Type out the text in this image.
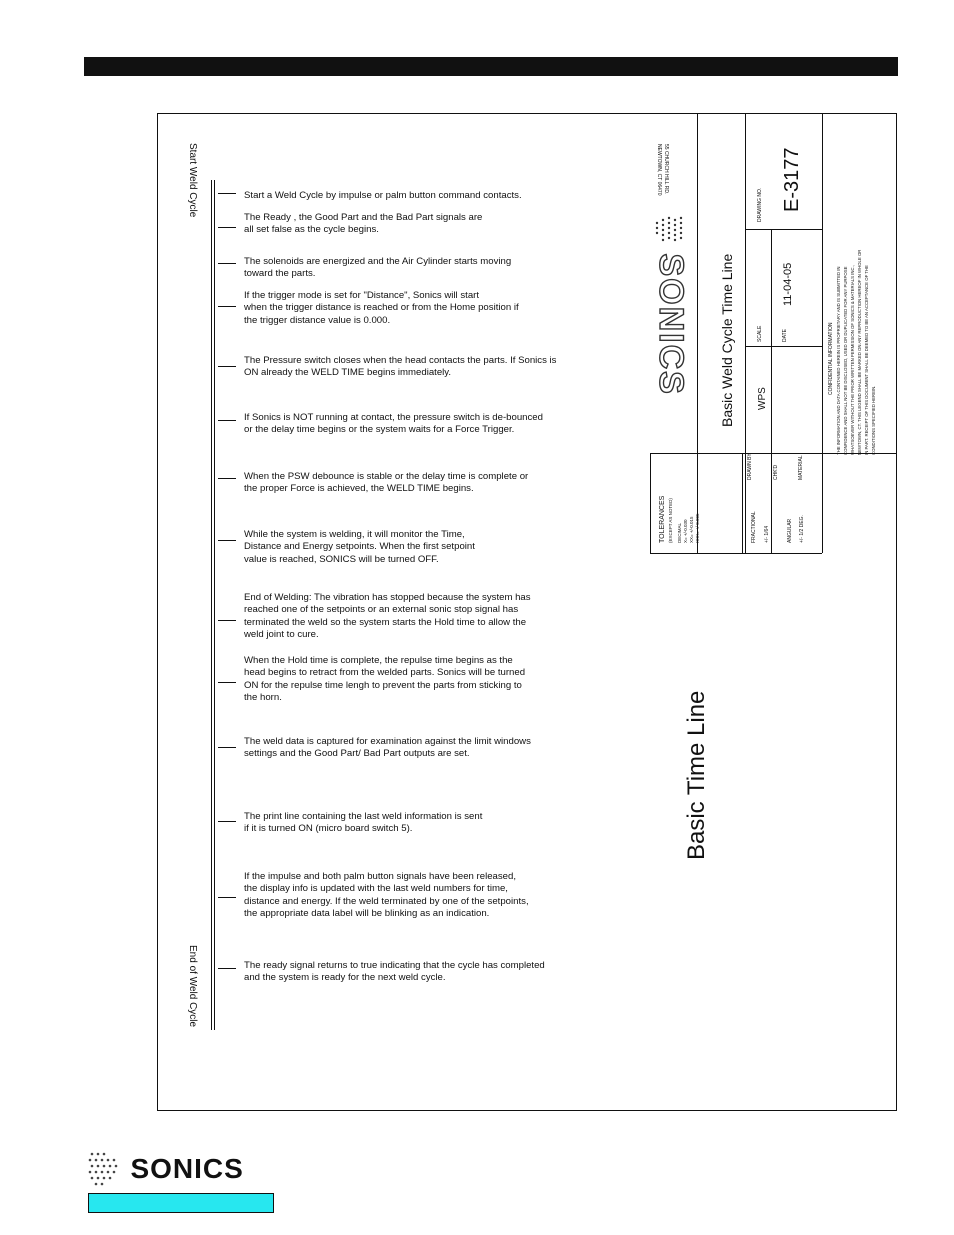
Start Weld Cycle
End of Weld Cycle
Start a Weld Cycle by impulse or palm button command contacts.
The Ready , the Good Part and the Bad Part signals are
all set false as the cycle begins.
The solenoids are energized and the Air Cylinder starts moving
toward the parts.
If the trigger mode is set for "Distance", Sonics will start
when the trigger distance is reached or from the Home position if
the trigger distance value is 0.000.
The Pressure switch closes when the head contacts the parts. If Sonics is
ON already the WELD TIME begins immediately.
If Sonics is NOT running at contact, the pressure switch is de-bounced
or the delay time begins or the system waits for a Force Trigger.
When the PSW debounce is stable or the delay time is complete or
the proper Force is achieved, the WELD TIME begins.
While the system is welding, it will monitor the Time,
Distance and Energy setpoints. When the first setpoint
value is reached, SONICS will be turned OFF.
End of Welding: The vibration has stopped because the system has
reached one of the setpoints or an external sonic stop signal has
terminated the weld so the system starts the Hold time to allow the
weld joint to cure.
When the Hold time is complete, the repulse time begins as the
head begins to retract from the welded parts. Sonics will be turned
ON for the repulse time lengh to prevent the parts from sticking to
the horn.
The weld data is captured for examination against the limit windows
settings and the Good Part/ Bad Part outputs are set.
The print line containing the last weld information is sent
if it is turned ON (micro board switch 5).
If the impulse and both palm button signals have been released,
the display info is updated with the last weld numbers for time,
distance and energy. If the weld terminated by one of the setpoints,
the appropriate data label will be blinking as an indication.
The ready signal returns to true indicating that the cycle has completed
and the system is ready for the next weld cycle.
55 CHURCH HILL RD.
NEWTOWN, CT 06470
SONICS Basic Weld Cycle Time Line
DRAWING NO. E-3177
SCALE	DATE
11-04-05
DRAWN BY
WPS
CHK'D	MATERIAL
TOLERANCES (EXCEPT AS NOTED) DECIMAL X= +/-0.030 XX= +/-0.015 XXX= +/-0.005	FRACTIONAL +/- 1/64	ANGULAR +/- 1/2 DEG.
CONFIDENTIAL INFORMATION THE INFORMATION AND DATA CONTAINED HEREIN IS PROPRIETARY AND IS SUBMITTED IN CONFIDENCE AND SHALL NOT BE DISCLOSED, USED OR DUPLICATED FOR ANY PURPOSE WHATSOEVER WITHOUT THE PRIOR WRITTEN PERMISSION OF SONICS & MATERIALS INC., NEWTOWN, CT. THIS LEGEND SHALL BE MARKED ON ANY REPRODUCTION HEREOF IN WHOLE OR IN PART. RECEIPT OF THIS DOCUMENT SHALL BE DEEMED TO BE AN ACCEPTANCE OF THE CONDITIONS SPECIFIED HEREIN.
Basic Time Line
SONICS
